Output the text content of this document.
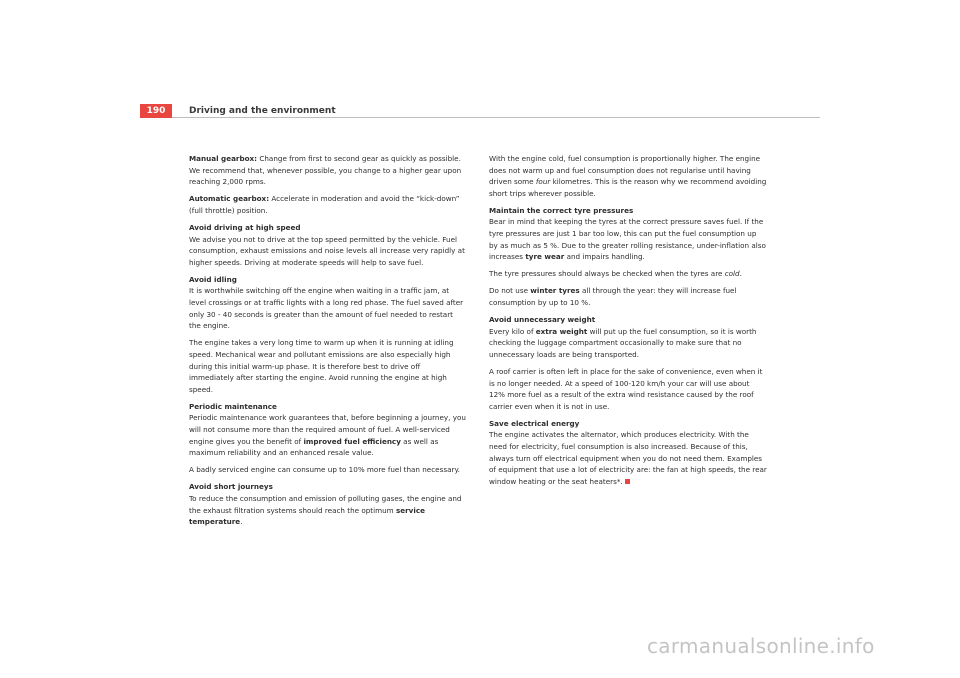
190	Driving and the environment

Manual gearbox: Change from first to second gear as quickly as possible. We recommend that, whenever possible, you change to a higher gear upon reaching 2,000 rpms.

Automatic gearbox: Accelerate in moderation and avoid the “kick-down” (full throttle) position.

Avoid driving at high speed

We advise you not to drive at the top speed permitted by the vehicle. Fuel consumption, exhaust emissions and noise levels all increase very rapidly at higher speeds. Driving at moderate speeds will help to save fuel.

Avoid idling

It is worthwhile switching off the engine when waiting in a traffic jam, at level crossings or at traffic lights with a long red phase. The fuel saved after only 30 - 40 seconds is greater than the amount of fuel needed to restart the engine.

The engine takes a very long time to warm up when it is running at idling speed. Mechanical wear and pollutant emissions are also especially high during this initial warm-up phase. It is therefore best to drive off immediately after starting the engine. Avoid running the engine at high speed.

Periodic maintenance

Periodic maintenance work guarantees that, before beginning a journey, you will not consume more than the required amount of fuel. A well-serviced engine gives you the benefit of improved fuel efficiency as well as maximum reliability and an enhanced resale value.

A badly serviced engine can consume up to 10% more fuel than necessary.

Avoid short journeys

To reduce the consumption and emission of polluting gases, the engine and the exhaust filtration systems should reach the optimum service temperature.

With the engine cold, fuel consumption is proportionally higher. The engine does not warm up and fuel consumption does not regularise until having driven some four kilometres. This is the reason why we recommend avoiding short trips wherever possible.

Maintain the correct tyre pressures

Bear in mind that keeping the tyres at the correct pressure saves fuel. If the tyre pressures are just 1 bar too low, this can put the fuel consumption up by as much as 5 %. Due to the greater rolling resistance, under-inflation also increases tyre wear and impairs handling.

The tyre pressures should always be checked when the tyres are cold.

Do not use winter tyres all through the year: they will increase fuel consumption by up to 10 %.

Avoid unnecessary weight

Every kilo of extra weight will put up the fuel consumption, so it is worth checking the luggage compartment occasionally to make sure that no unnecessary loads are being transported.

A roof carrier is often left in place for the sake of convenience, even when it is no longer needed. At a speed of 100-120 km/h your car will use about 12% more fuel as a result of the extra wind resistance caused by the roof carrier even when it is not in use.

Save electrical energy

The engine activates the alternator, which produces electricity. With the need for electricity, fuel consumption is also increased. Because of this, always turn off electrical equipment when you do not need them. Examples of equipment that use a lot of electricity are: the fan at high speeds, the rear window heating or the seat heaters*.

carmanualsonline.info
